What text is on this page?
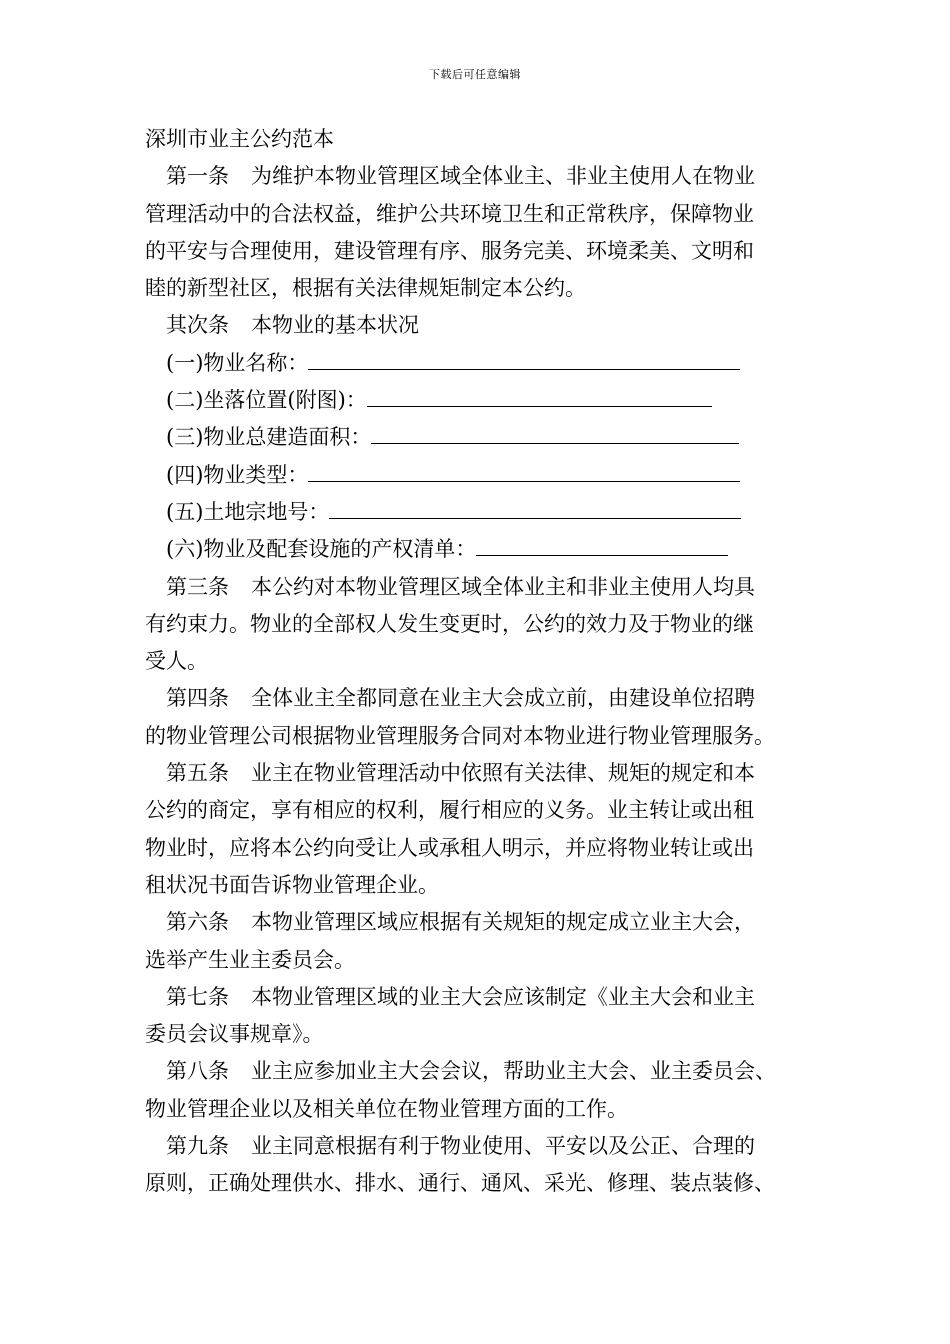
下载后可任意编辑
深圳市业主公约范本
第一条 为维护本物业管理区域全体业主、非业主使用人在物业
管理活动中的合法权益，维护公共环境卫生和正常秩序，保障物业
的平安与合理使用，建设管理有序、服务完美、环境柔美、文明和
睦的新型社区，根据有关法律规矩制定本公约。
其次条 本物业的基本状况
(一)物业名称：
(二)坐落位置(附图)：
(三)物业总建造面积：
(四)物业类型：
(五)土地宗地号：
(六)物业及配套设施的产权清单：
第三条 本公约对本物业管理区域全体业主和非业主使用人均具
有约束力。物业的全部权人发生变更时，公约的效力及于物业的继
受人。
第四条 全体业主全都同意在业主大会成立前，由建设单位招聘
的物业管理公司根据物业管理服务合同对本物业进行物业管理服务。
第五条 业主在物业管理活动中依照有关法律、规矩的规定和本
公约的商定，享有相应的权利，履行相应的义务。业主转让或出租
物业时，应将本公约向受让人或承租人明示，并应将物业转让或出
租状况书面告诉物业管理企业。
第六条 本物业管理区域应根据有关规矩的规定成立业主大会，
选举产生业主委员会。
第七条 本物业管理区域的业主大会应该制定《业主大会和业主
委员会议事规章》。
第八条 业主应参加业主大会会议，帮助业主大会、业主委员会、
物业管理企业以及相关单位在物业管理方面的工作。
第九条 业主同意根据有利于物业使用、平安以及公正、合理的
原则，正确处理供水、排水、通行、通风、采光、修理、装点装修、
